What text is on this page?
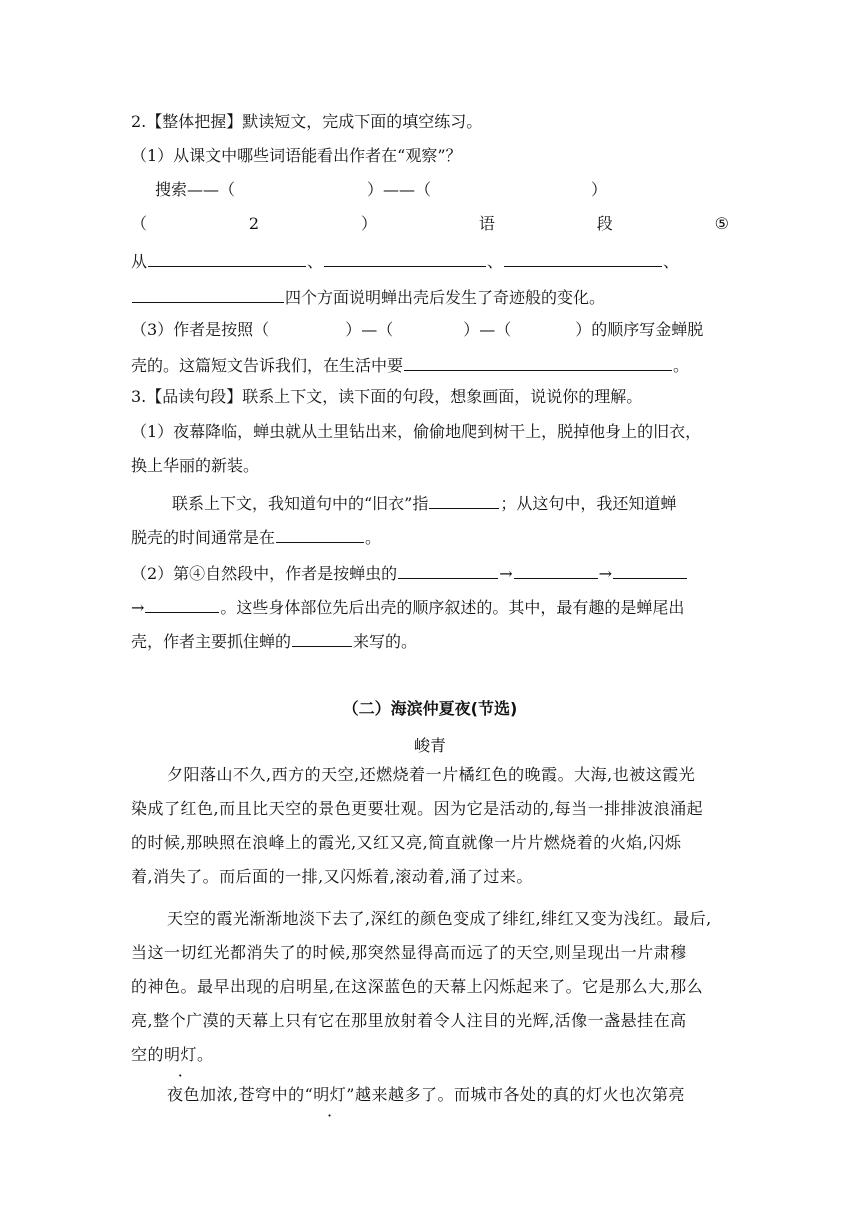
2.【整体把握】默读短文，完成下面的填空练习。
（1）从课文中哪些词语能看出作者在“观察”？
搜索——（	）——（	）
（	2	）	语	段	⑤
从	、	、	、
四个方面说明蝉出壳后发生了奇迹般的变化。
（3）作者是按照（	）—（	）—（	）的顺序写金蝉脱
壳的。这篇短文告诉我们，在生活中要	。
3.【品读句段】联系上下文，读下面的句段，想象画面，说说你的理解。
（1）夜幕降临，蝉虫就从土里钻出来，偷偷地爬到树干上，脱掉他身上的旧衣，
换上华丽的新装。
联系上下文，我知道句中的“旧衣”指	；从这句中，我还知道蝉
脱壳的时间通常是在	。
（2）第④自然段中，作者是按蝉虫的	→	→
→	。这些身体部位先后出壳的顺序叙述的。其中，最有趣的是蝉尾出
壳，作者主要抓住蝉的	来写的。
（二）海滨仲夏夜(节选)
峻青
夕阳落山不久,西方的天空,还燃烧着一片橘红色的晚霞。大海,也被这霞光
染成了红色,而且比天空的景色更要壮观。因为它是活动的,每当一排排波浪涌起
的时候,那映照在浪峰上的霞光,又红又亮,简直就像一片片燃烧着的火焰,闪烁
着,消失了。而后面的一排,又闪烁着,滚动着,涌了过来。
天空的霞光渐渐地淡下去了,深红的颜色变成了绯红,绯红又变为浅红。最后,
当这一切红光都消失了的时候,那突然显得高而远了的天空,则呈现出一片肃穆
的神色。最早出现的启明星,在这深蓝色的天幕上闪烁起来了。它是那么大,那么
亮,整个广漠的天幕上只有它在那里放射着令人注目的光辉,活像一盏悬挂在高
空的明灯。
夜色加浓,苍穹中的“明灯”越来越多了。而城市各处的真的灯火也次第亮
